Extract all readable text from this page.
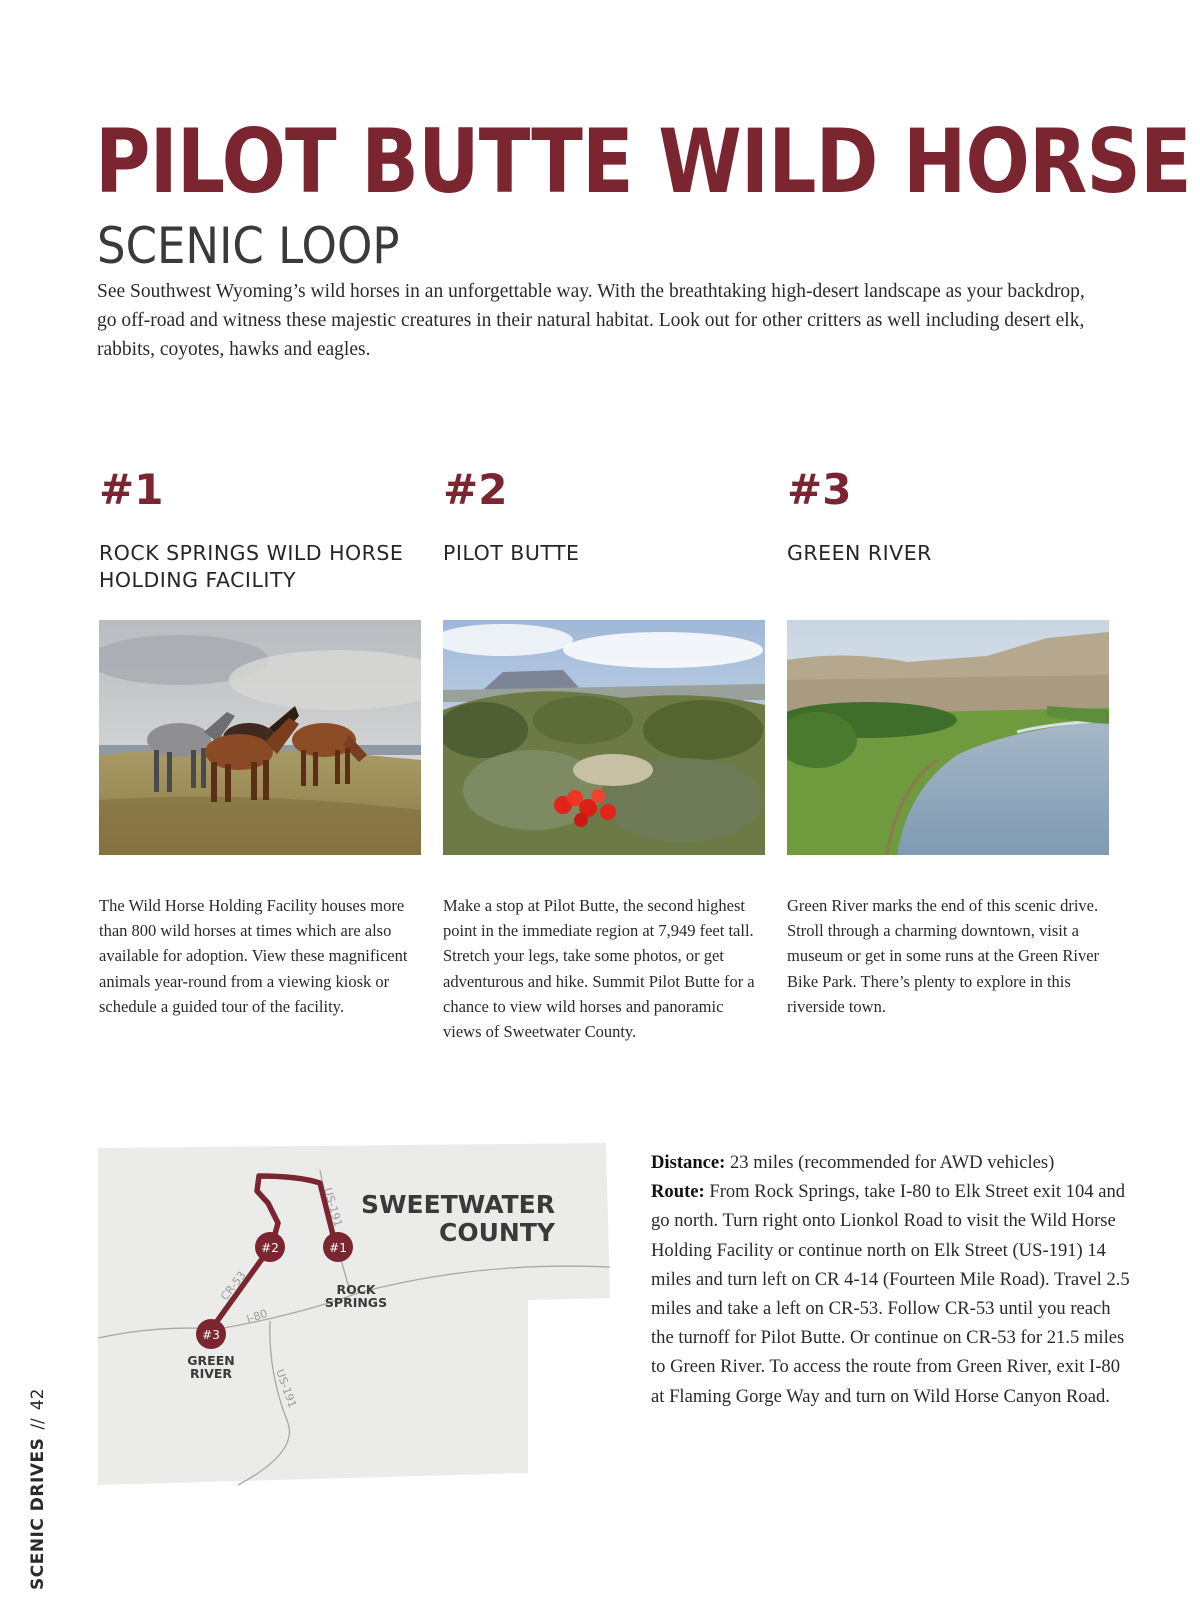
PILOT BUTTE WILD HORSE
SCENIC LOOP

See Southwest Wyoming’s wild horses in an unforgettable way. With the breathtaking high-desert landscape as your backdrop, go off-road and witness these majestic creatures in their natural habitat. Look out for other critters as well including desert elk, rabbits, coyotes, hawks and eagles.

#1
ROCK SPRINGS WILD HORSE HOLDING FACILITY

The Wild Horse Holding Facility houses more than 800 wild horses at times which are also available for adoption. View these magnificent animals year-round from a viewing kiosk or schedule a guided tour of the facility.

#2
PILOT BUTTE

Make a stop at Pilot Butte, the second highest point in the immediate region at 7,949 feet tall. Stretch your legs, take some photos, or get adventurous and hike. Summit Pilot Butte for a chance to view wild horses and panoramic views of Sweetwater County.

#3
GREEN RIVER

Green River marks the end of this scenic drive. Stroll through a charming downtown, visit a museum or get in some runs at the Green River Bike Park. There’s plenty to explore in this riverside town.

#2	#1
#3
SWEETWATER
COUNTY
ROCK
SPRINGS
GREEN
RIVER
US-191
US-191
I-80
CR-53

Distance: 23 miles (recommended for AWD vehicles)
Route: From Rock Springs, take I-80 to Elk Street exit 104 and go north. Turn right onto Lionkol Road to visit the Wild Horse Holding Facility or continue north on Elk Street (US-191) 14 miles and turn left on CR 4-14 (Fourteen Mile Road). Travel 2.5 miles and take a left on CR-53. Follow CR-53 until you reach the turnoff for Pilot Butte. Or continue on CR-53 for 21.5 miles to Green River. To access the route from Green River, exit I-80 at Flaming Gorge Way and turn on Wild Horse Canyon Road.

SCENIC DRIVES//42
